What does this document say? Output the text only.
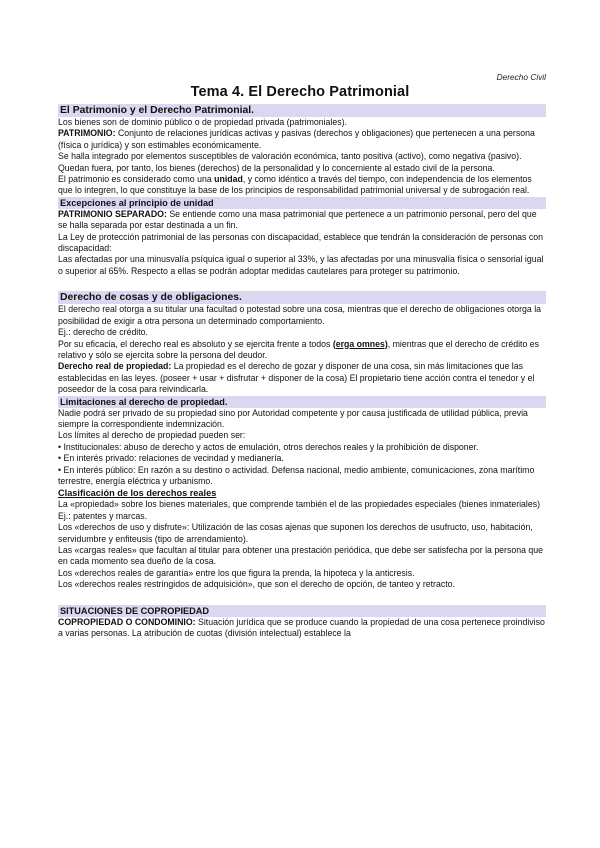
Derecho Civil
Tema 4. El Derecho Patrimonial
El Patrimonio y el Derecho Patrimonial.

Los bienes son de dominio público o de propiedad privada (patrimoniales).

PATRIMONIO: Conjunto de relaciones jurídicas activas y pasivas (derechos y obligaciones) que pertenecen a una persona (física o jurídica) y son estimables económicamente.

Se halla integrado por elementos susceptibles de valoración económica, tanto positiva (activo), como negativa (pasivo). Quedan fuera, por tanto, los bienes (derechos) de la personalidad y lo concerniente al estado civil de la persona.

El patrimonio es considerado como una unidad, y como idéntico a través del tiempo, con independencia de los elementos que lo integren, lo que constituye la base de los principios de responsabilidad patrimonial universal y de subrogación real.

Excepciones al principio de unidad

PATRIMONIO SEPARADO: Se entiende como una masa patrimonial que pertenece a un patrimonio personal, pero del que se halla separada por estar destinada a un fin.

La Ley de protección patrimonial de las personas con discapacidad, establece que tendrán la consideración de personas con discapacidad:

Las afectadas por una minusvalía psíquica igual o superior al 33%, y las afectadas por una minusvalía física o sensorial igual o superior al 65%. Respecto a ellas se podrán adoptar medidas cautelares para proteger su patrimonio.

Derecho de cosas y de obligaciones.

El derecho real otorga a su titular una facultad o potestad sobre una cosa, mientras que el derecho de obligaciones otorga la posibilidad de exigir a otra persona un determinado comportamiento.

Ej.: derecho de crédito.

Por su eficacia, el derecho real es absoluto y se ejercita frente a todos (erga omnes), mientras que el derecho de crédito es relativo y sólo se ejercita sobre la persona del deudor.

Derecho real de propiedad: La propiedad es el derecho de gozar y disponer de una cosa, sin más limitaciones que las establecidas en las leyes. (poseer + usar + disfrutar + disponer de la cosa) El propietario tiene acción contra el tenedor y el poseedor de la cosa para reivindicarla.

Limitaciones al derecho de propiedad.

Nadie podrá ser privado de su propiedad sino por Autoridad competente y por causa justificada de utilidad pública, previa siempre la correspondiente indemnización.

Los límites al derecho de propiedad pueden ser:

• Institucionales: abuso de derecho y actos de emulación, otros derechos reales y la prohibición de disponer.

• En interés privado: relaciones de vecindad y medianería.

• En interés público: En razón a su destino o actividad. Defensa nacional, medio ambiente, comunicaciones, zona marítimo terrestre, energía eléctrica y urbanismo.

Clasificación de los derechos reales

La «propiedad» sobre los bienes materiales, que comprende también el de las propiedades especiales (bienes inmateriales) Ej.: patentes y marcas.

Los «derechos de uso y disfrute»: Utilización de las cosas ajenas que suponen los derechos de usufructo, uso, habitación, servidumbre y enfiteusis (tipo de arrendamiento).

Las «cargas reales» que facultan al titular para obtener una prestación periódica, que debe ser satisfecha por la persona que en cada momento sea dueño de la cosa.

Los «derechos reales de garantía» entre los que figura la prenda, la hipoteca y la anticresis.

Los «derechos reales restringidos de adquisición», que son el derecho de opción, de tanteo y retracto.

SITUACIONES DE COPROPIEDAD

COPROPIEDAD O CONDOMINIO: Situación jurídica que se produce cuando la propiedad de una cosa pertenece proindiviso a varias personas. La atribución de cuotas (división intelectual) establece la
